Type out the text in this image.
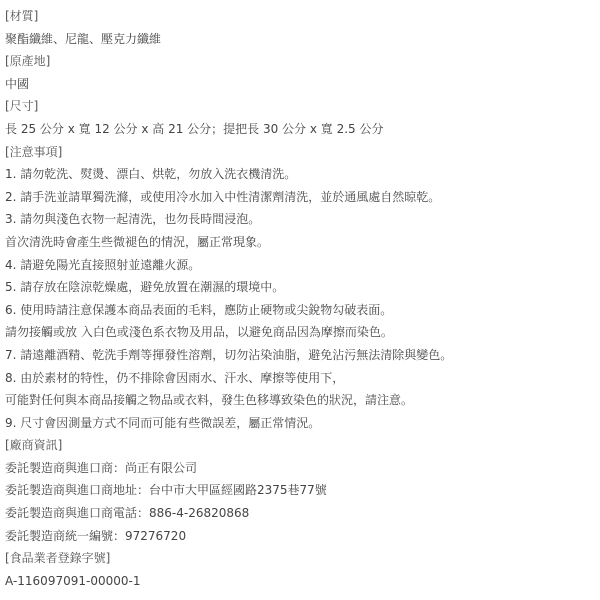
[材質]
聚酯纖維、尼龍、壓克力纖維
[原產地]
中國
[尺寸]
長 25 公分 x 寬 12 公分 x 高 21 公分；提把長 30 公分 x 寬 2.5 公分
[注意事項]
1. 請勿乾洗、熨燙、漂白、烘乾，勿放入洗衣機清洗。
2. 請手洗並請單獨洗滌，或使用冷水加入中性清潔劑清洗，並於通風處自然晾乾。
3. 請勿與淺色衣物一起清洗，也勿長時間浸泡。
首次清洗時會產生些微褪色的情況，屬正常現象。
4. 請避免陽光直接照射並遠離火源。
5. 請存放在陰涼乾燥處，避免放置在潮濕的環境中。
6. 使用時請注意保護本商品表面的毛料，應防止硬物或尖銳物勾破表面。
請勿接觸或放 入白色或淺色系衣物及用品，以避免商品因為摩擦而染色。
7. 請遠離酒精、乾洗手劑等揮發性溶劑，切勿沾染油脂，避免沾污無法清除與變色。
8. 由於素材的特性，仍不排除會因雨水、汗水、摩擦等使用下，
可能對任何與本商品接觸之物品或衣料，發生色移導致染色的狀況，請注意。
9. 尺寸會因測量方式不同而可能有些微誤差，屬正常情況。
[廠商資訊]
委託製造商與進口商：尚正有限公司
委託製造商與進口商地址：台中市大甲區經國路2375巷77號
委託製造商與進口商電話：886-4-26820868
委託製造商統一編號：97276720
[食品業者登錄字號]
A-116097091-00000-1
